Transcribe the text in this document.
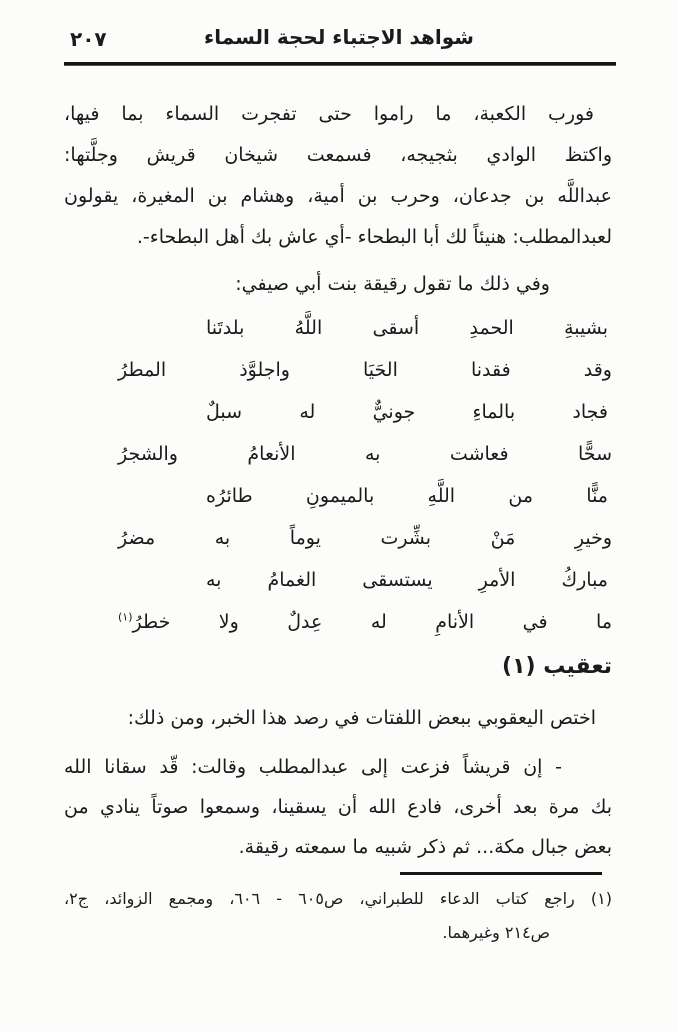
٢٠٧	شواهد الاجتباء لحجة السماء
فورب الكعبة، ما راموا حتى تفجرت السماء بما فيها،
واكتظ الوادي بثجيجه، فسمعت شيخان قريش وجلَّتها:
عبداللَّه بن جدعان، وحرب بن أمية، وهشام بن المغيرة، يقولون
لعبدالمطلب: هنيئاً لك أبا البطحاء -أي عاش بك أهل البطحاء-.
وفي ذلك ما تقول رقيقة بنت أبي صيفي:
بشيبةِ الحمدِ أسقى اللَّهُ بلدتَنا
وقد فقدنا الحَيَا واجلوَّذ المطرُ
فجاد بالماءِ جونيٌّ له سبلٌ
سحًّا فعاشت به الأنعامُ والشجرُ
منًّا من اللَّهِ بالميمونِ طائرُه
وخيرِ مَنْ بشِّرت يوماً به مضرُ
مباركُ الأمرِ يستسقى الغمامُ به
ما في الأنامِ له عِدلٌ ولا خطرُ$^{(١)}$
تعقيب (١)
اختص اليعقوبي ببعض اللفتات في رصد هذا الخبر، ومن ذلك:
- إن قريشاً فزعت إلى عبدالمطلب وقالت: قّد سقانا الله
بك مرة بعد أخرى، فادع الله أن يسقينا، وسمعوا صوتاً ينادي من
بعض جبال مكة... ثم ذكر شبيه ما سمعته رقيقة.
(١) راجع كتاب الدعاء للطبراني، ص٦٠٥ - ٦٠٦، ومجمع الزوائد، ج٢،
ص٢١٤ وغيرهما.
